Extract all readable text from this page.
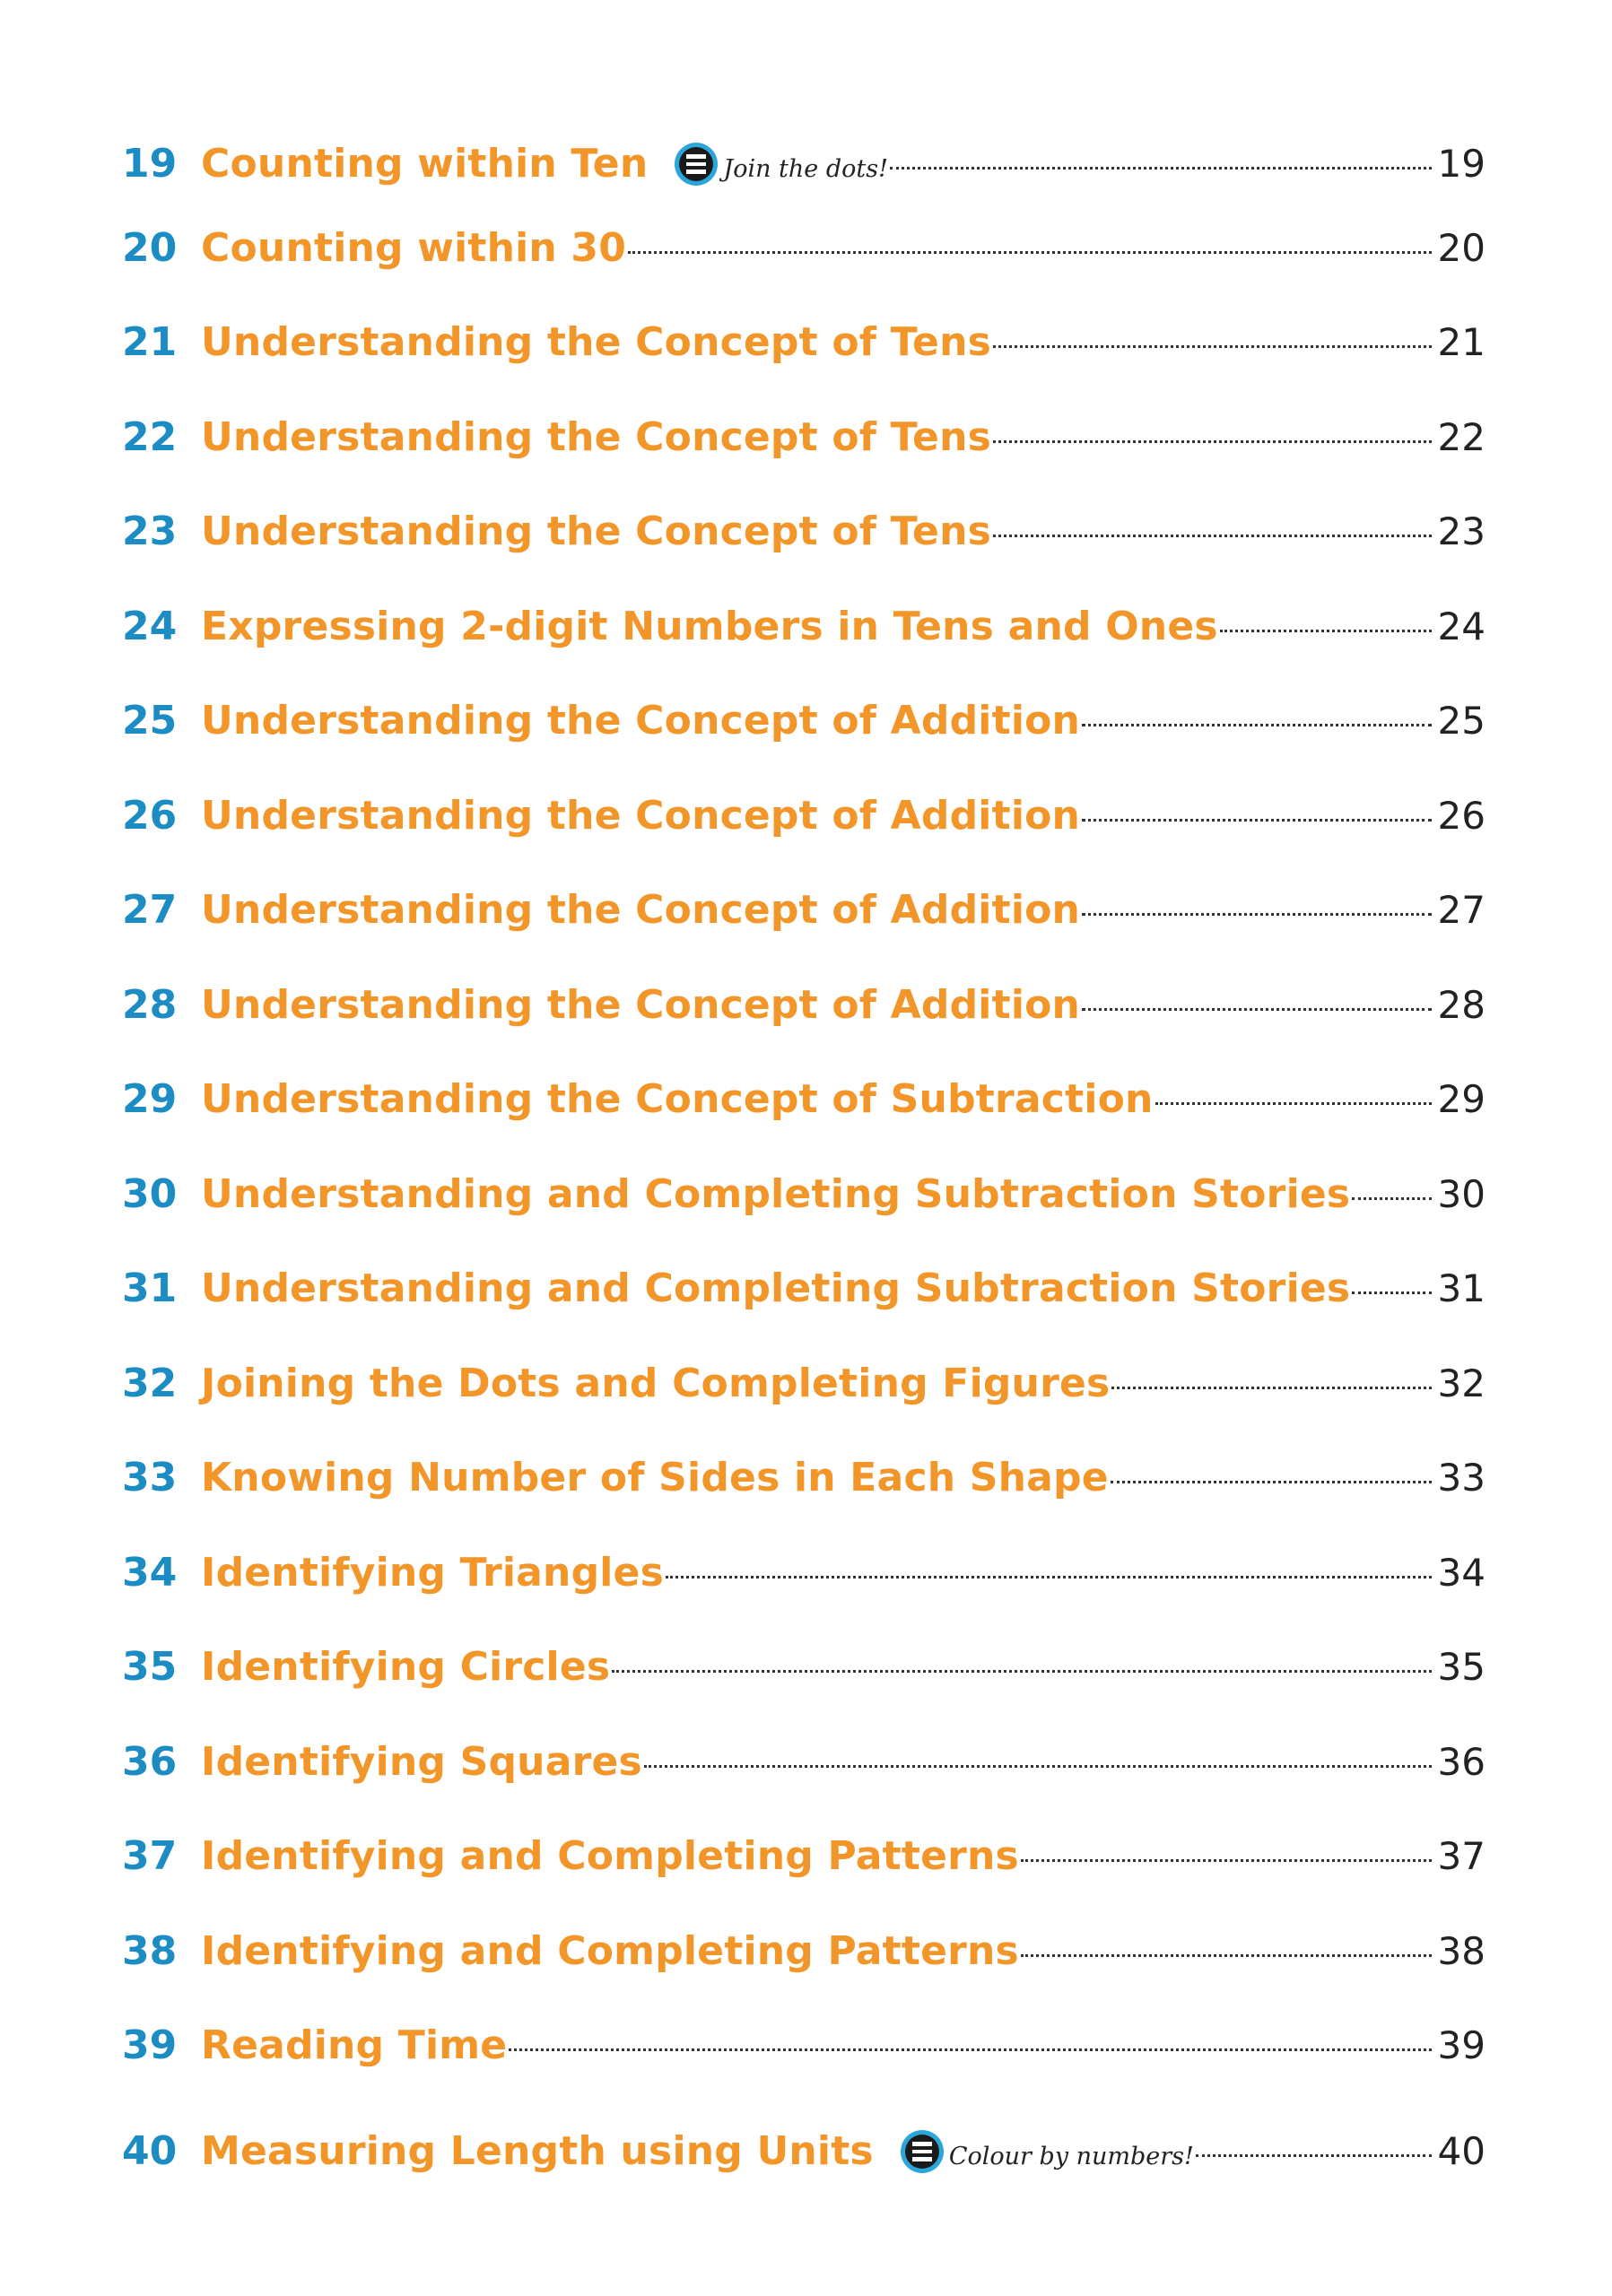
19 Counting within Ten	Join the dots!	19
20 Counting within 30	20
21 Understanding the Concept of Tens	21
22 Understanding the Concept of Tens	22
23 Understanding the Concept of Tens	23
24 Expressing 2-digit Numbers in Tens and Ones	24
25 Understanding the Concept of Addition	25
26 Understanding the Concept of Addition	26
27 Understanding the Concept of Addition	27
28 Understanding the Concept of Addition	28
29 Understanding the Concept of Subtraction	29
30 Understanding and Completing Subtraction Stories 30
31 Understanding and Completing Subtraction Stories 31
32 Joining the Dots and Completing Figures	32
33 Knowing Number of Sides in Each Shape	33
34 Identifying Triangles	34
35 Identifying Circles	35
36 Identifying Squares	36
37 Identifying and Completing Patterns	37
38 Identifying and Completing Patterns	38
39 Reading Time	39
40 Measuring Length using Units	Colour by numbers!	40
